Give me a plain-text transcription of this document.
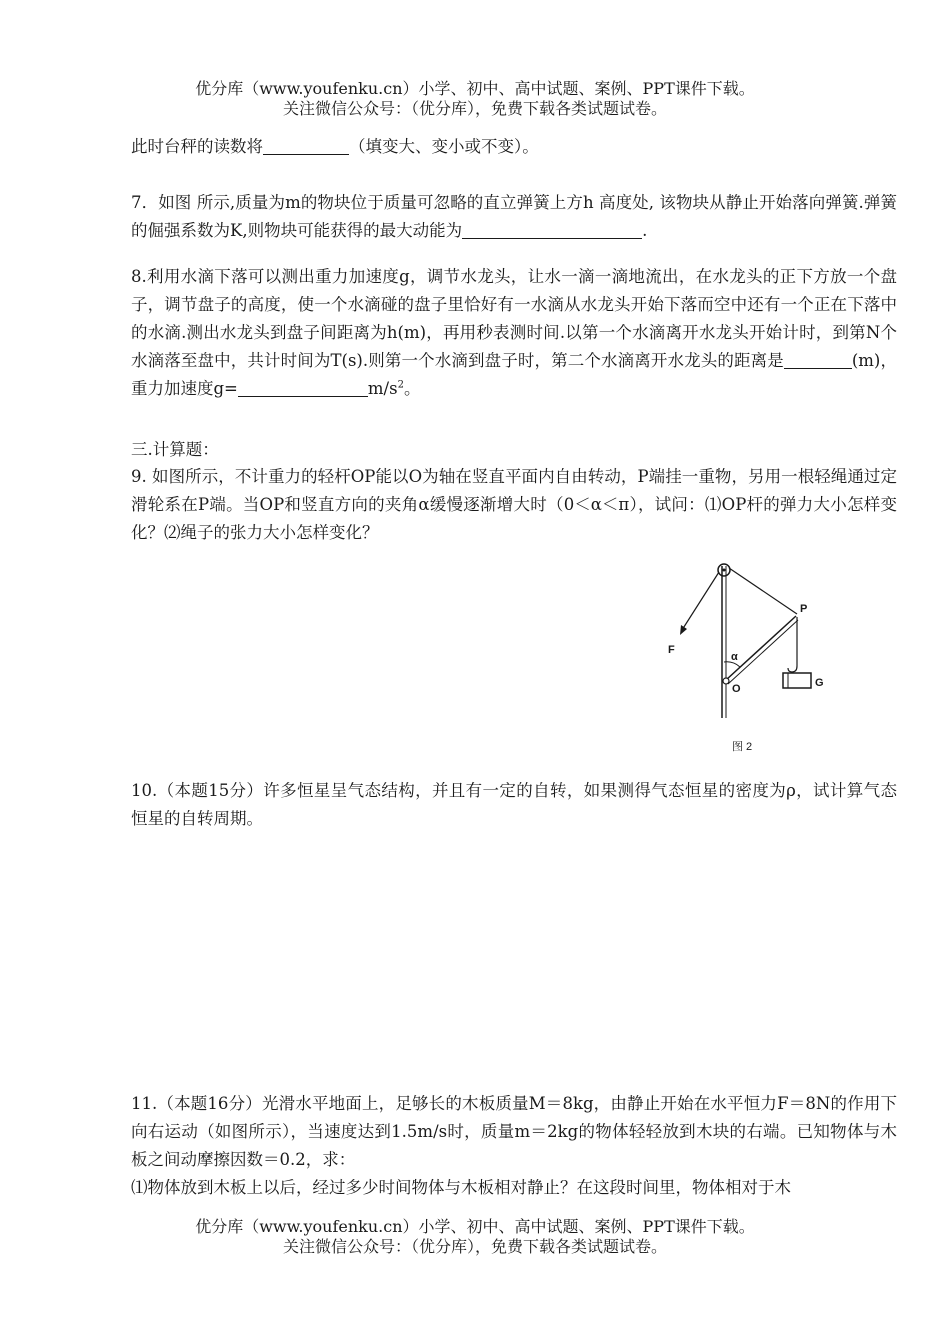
优分库（www.youfenku.cn）小学、初中、高中试题、案例、PPT课件下载。
关注微信公众号：（优分库），免费下载各类试题试卷。

此时台秤的读数将	（填变大、变小或不变）。

7．如图 所示,质量为m的物块位于质量可忽略的直立弹簧上方h 高度处, 该物块从静止开始落向弹簧.弹簧的倔强系数为K,则物块可能获得的最大动能为	.

8.利用水滴下落可以测出重力加速度g，调节水龙头，让水一滴一滴地流出，在水龙头的正下方放一个盘子，调节盘子的高度，使一个水滴碰的盘子里恰好有一水滴从水龙头开始下落而空中还有一个正在下落中的水滴.测出水龙头到盘子间距离为h(m)，再用秒表测时间.以第一个水滴离开水龙头开始计时，到第N个水滴落至盘中，共计时间为T(s).则第一个水滴到盘子时，第二个水滴离开水龙头的距离是	(m)，重力加速度g=	$m/s^2$。

三.计算题：

9. 如图所示，不计重力的轻杆OP能以O为轴在竖直平面内自由转动，P端挂一重物，另用一根轻绳通过定滑轮系在P端。当OP和竖直方向的夹角α缓慢逐渐增大时（0＜α＜π），试问：⑴OP杆的弹力大小怎样变化？⑵绳子的张力大小怎样变化？

F
P
α
O	G
图 2

10.（本题15分）许多恒星呈气态结构，并且有一定的自转，如果测得气态恒星的密度为ρ，试计算气态恒星的自转周期。

11.（本题16分）光滑水平地面上，足够长的木板质量M＝8kg，由静止开始在水平恒力F＝8N的作用下向右运动（如图所示），当速度达到1.5m/s时，质量m＝2kg的物体轻轻放到木块的右端。已知物体与木板之间动摩擦因数＝0.2，求：
⑴物体放到木板上以后，经过多少时间物体与木板相对静止？在这段时间里，物体相对于木

优分库（www.youfenku.cn）小学、初中、高中试题、案例、PPT课件下载。
关注微信公众号：（优分库），免费下载各类试题试卷。
